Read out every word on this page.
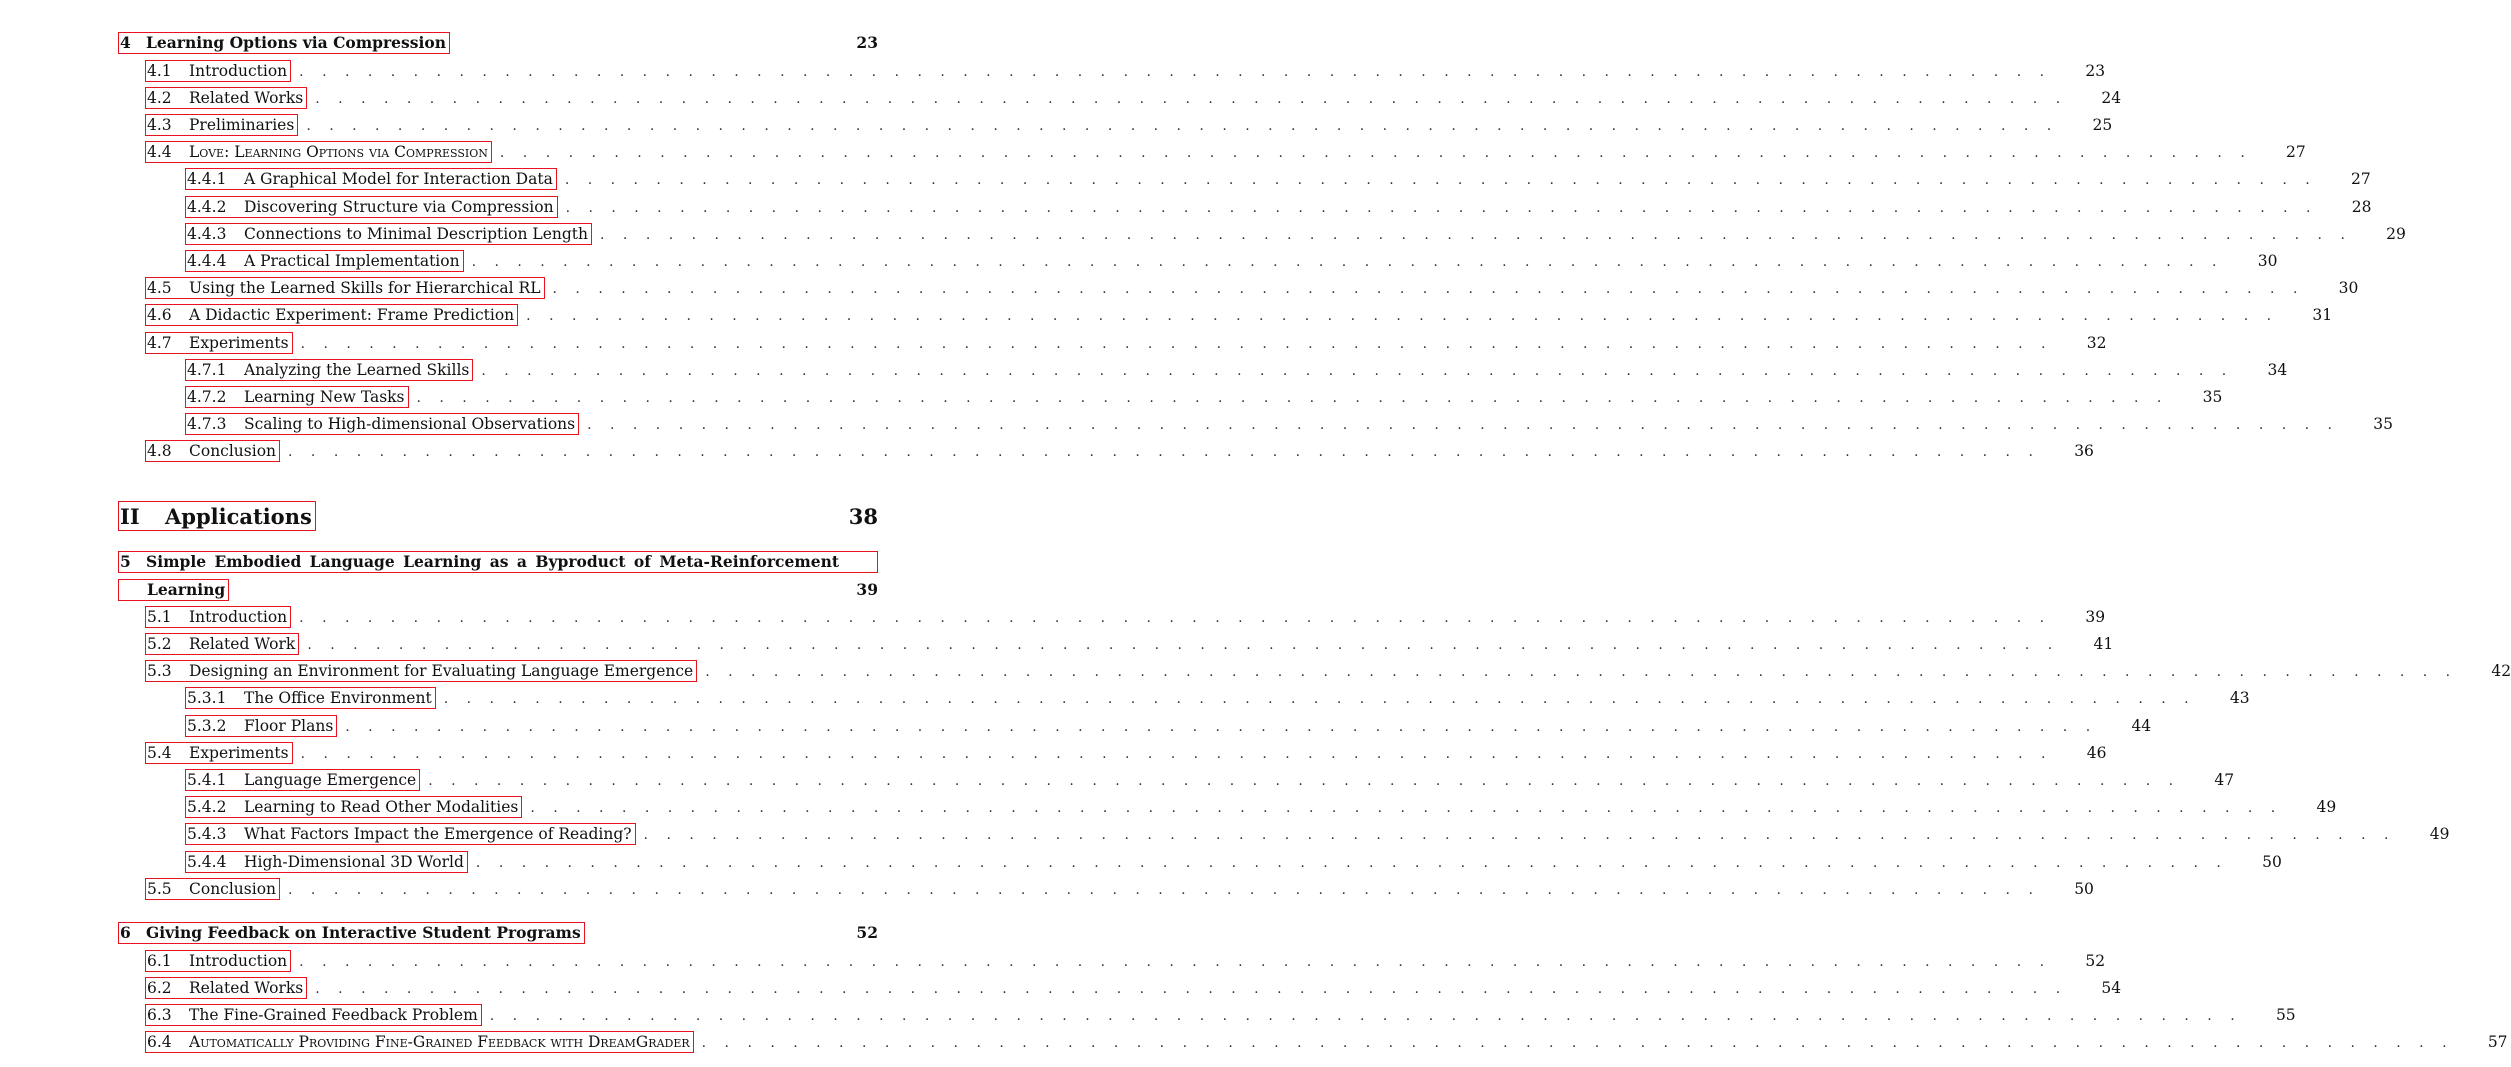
4 Learning Options via Compression	23
4.1	Introduction . . . . . . . . . . . . . . . . . . . . . . . . . . . . . . . . . . . . . . . . . . . . . . . . . . . . . . . . . . . . . . . . . . . . . . . . . . . . .	23
4.2	Related Works . . . . . . . . . . . . . . . . . . . . . . . . . . . . . . . . . . . . . . . . . . . . . . . . . . . . . . . . . . . . . . . . . . . . . . . . . . . . .	24
4.3	Preliminaries . . . . . . . . . . . . . . . . . . . . . . . . . . . . . . . . . . . . . . . . . . . . . . . . . . . . . . . . . . . . . . . . . . . . . . . . . . . . .	25
4.4	Love: Learning Options via Compression . . . . . . . . . . . . . . . . . . . . . . . . . . . . . . . . . . . . . . . . . . . . . . . . . . . . . . . . . . . . . . . . . . . . . . . . . . . . .	27
4.4.1	A Graphical Model for Interaction Data . . . . . . . . . . . . . . . . . . . . . . . . . . . . . . . . . . . . . . . . . . . . . . . . . . . . . . . . . . . . . . . . . . . . . . . . . . . . .	27
4.4.2	Discovering Structure via Compression . . . . . . . . . . . . . . . . . . . . . . . . . . . . . . . . . . . . . . . . . . . . . . . . . . . . . . . . . . . . . . . . . . . . . . . . . . . . .	28
4.4.3	Connections to Minimal Description Length . . . . . . . . . . . . . . . . . . . . . . . . . . . . . . . . . . . . . . . . . . . . . . . . . . . . . . . . . . . . . . . . . . . . . . . . . . . . .	29
4.4.4	A Practical Implementation . . . . . . . . . . . . . . . . . . . . . . . . . . . . . . . . . . . . . . . . . . . . . . . . . . . . . . . . . . . . . . . . . . . . . . . . . . . . .	30
4.5	Using the Learned Skills for Hierarchical RL . . . . . . . . . . . . . . . . . . . . . . . . . . . . . . . . . . . . . . . . . . . . . . . . . . . . . . . . . . . . . . . . . . . . . . . . . . . . .	30
4.6	A Didactic Experiment: Frame Prediction . . . . . . . . . . . . . . . . . . . . . . . . . . . . . . . . . . . . . . . . . . . . . . . . . . . . . . . . . . . . . . . . . . . . . . . . . . . . .	31
4.7	Experiments . . . . . . . . . . . . . . . . . . . . . . . . . . . . . . . . . . . . . . . . . . . . . . . . . . . . . . . . . . . . . . . . . . . . . . . . . . . . .	32
4.7.1	Analyzing the Learned Skills . . . . . . . . . . . . . . . . . . . . . . . . . . . . . . . . . . . . . . . . . . . . . . . . . . . . . . . . . . . . . . . . . . . . . . . . . . . . .	34
4.7.2	Learning New Tasks . . . . . . . . . . . . . . . . . . . . . . . . . . . . . . . . . . . . . . . . . . . . . . . . . . . . . . . . . . . . . . . . . . . . . . . . . . . . .	35
4.7.3	Scaling to High-dimensional Observations . . . . . . . . . . . . . . . . . . . . . . . . . . . . . . . . . . . . . . . . . . . . . . . . . . . . . . . . . . . . . . . . . . . . . . . . . . . . .	35
4.8	Conclusion . . . . . . . . . . . . . . . . . . . . . . . . . . . . . . . . . . . . . . . . . . . . . . . . . . . . . . . . . . . . . . . . . . . . . . . . . . . . .	36
II	Applications	38
5 Simple Embodied Language Learning as a Byproduct of Meta-Reinforcement
Learning	39
5.1	Introduction . . . . . . . . . . . . . . . . . . . . . . . . . . . . . . . . . . . . . . . . . . . . . . . . . . . . . . . . . . . . . . . . . . . . . . . . . . . . .	39
5.2	Related Work . . . . . . . . . . . . . . . . . . . . . . . . . . . . . . . . . . . . . . . . . . . . . . . . . . . . . . . . . . . . . . . . . . . . . . . . . . . . .	41
5.3	Designing an Environment for Evaluating Language Emergence . . . . . . . . . . . . . . . . . . . . . . . . . . . . . . . . . . . . . . . . . . . . . . . . . . . . . . . . . . . . . . . . . . . . . . . . . . . . .	42
5.3.1	The Office Environment . . . . . . . . . . . . . . . . . . . . . . . . . . . . . . . . . . . . . . . . . . . . . . . . . . . . . . . . . . . . . . . . . . . . . . . . . . . . .	43
5.3.2	Floor Plans . . . . . . . . . . . . . . . . . . . . . . . . . . . . . . . . . . . . . . . . . . . . . . . . . . . . . . . . . . . . . . . . . . . . . . . . . . . . .	44
5.4	Experiments . . . . . . . . . . . . . . . . . . . . . . . . . . . . . . . . . . . . . . . . . . . . . . . . . . . . . . . . . . . . . . . . . . . . . . . . . . . . .	46
5.4.1	Language Emergence . . . . . . . . . . . . . . . . . . . . . . . . . . . . . . . . . . . . . . . . . . . . . . . . . . . . . . . . . . . . . . . . . . . . . . . . . . . . .	47
5.4.2	Learning to Read Other Modalities . . . . . . . . . . . . . . . . . . . . . . . . . . . . . . . . . . . . . . . . . . . . . . . . . . . . . . . . . . . . . . . . . . . . . . . . . . . . .	49
5.4.3	What Factors Impact the Emergence of Reading? . . . . . . . . . . . . . . . . . . . . . . . . . . . . . . . . . . . . . . . . . . . . . . . . . . . . . . . . . . . . . . . . . . . . . . . . . . . . .	49
5.4.4	High-Dimensional 3D World . . . . . . . . . . . . . . . . . . . . . . . . . . . . . . . . . . . . . . . . . . . . . . . . . . . . . . . . . . . . . . . . . . . . . . . . . . . . .	50
5.5	Conclusion . . . . . . . . . . . . . . . . . . . . . . . . . . . . . . . . . . . . . . . . . . . . . . . . . . . . . . . . . . . . . . . . . . . . . . . . . . . . .	50
6 Giving Feedback on Interactive Student Programs	52
6.1	Introduction . . . . . . . . . . . . . . . . . . . . . . . . . . . . . . . . . . . . . . . . . . . . . . . . . . . . . . . . . . . . . . . . . . . . . . . . . . . . .	52
6.2	Related Works . . . . . . . . . . . . . . . . . . . . . . . . . . . . . . . . . . . . . . . . . . . . . . . . . . . . . . . . . . . . . . . . . . . . . . . . . . . . .	54
6.3	The Fine-Grained Feedback Problem . . . . . . . . . . . . . . . . . . . . . . . . . . . . . . . . . . . . . . . . . . . . . . . . . . . . . . . . . . . . . . . . . . . . . . . . . . . . .	55
6.4	Automatically Providing Fine-Grained Feedback with DreamGrader . . . . . . . . . . . . . . . . . . . . . . . . . . . . . . . . . . . . . . . . . . . . . . . . . . . . . . . . . . . . . . . . . . . . . . . . . . . . .	57
